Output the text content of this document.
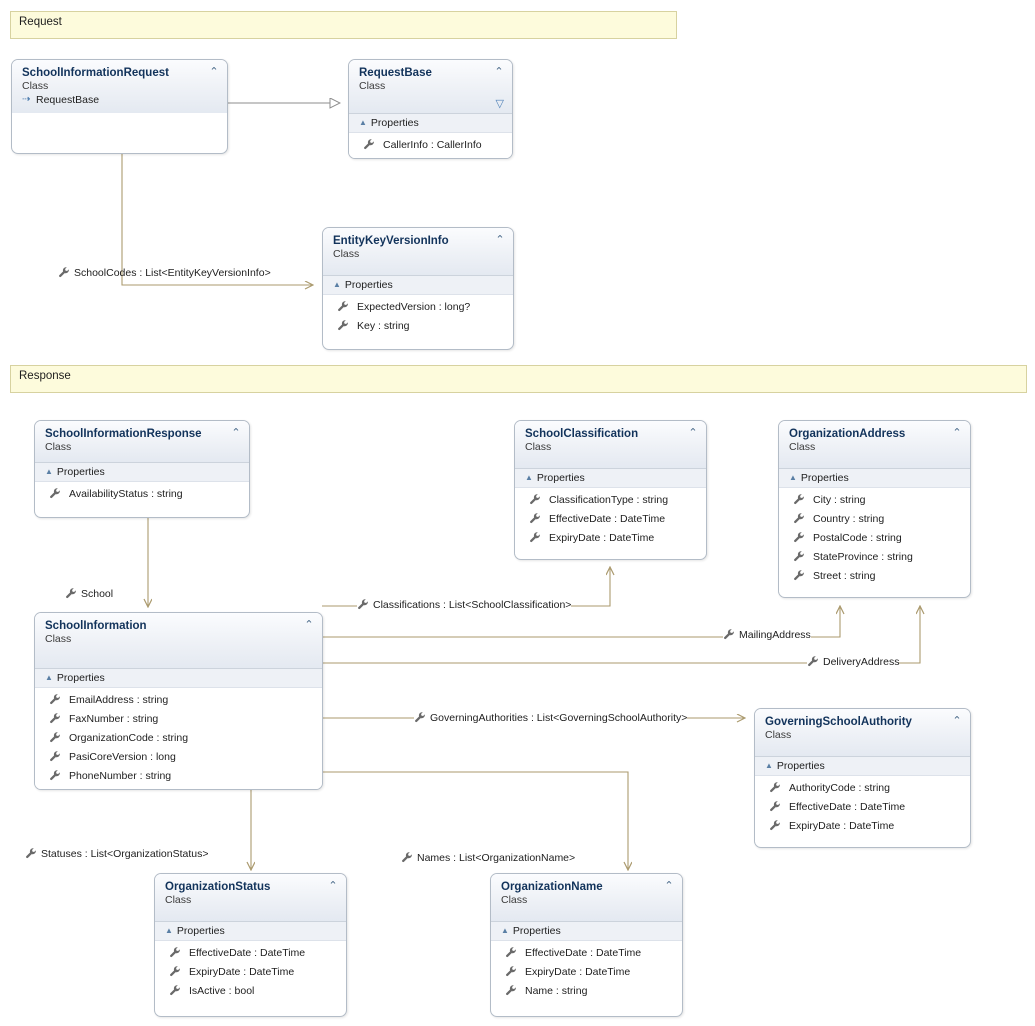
Request
Response
SchoolInformationRequest
Class
⇢ RequestBase
⌃	RequestBase
Class
⌃
▽
▲ Properties
CallerInfo : CallerInfo
EntityKeyVersionInfo
Class
⌃
▲ Properties
ExpectedVersion : long?
Key : string
SchoolInformationResponse
Class
⌃
▲ Properties
AvailabilityStatus : string
SchoolClassification
Class
⌃
▲ Properties
ClassificationType : string
EffectiveDate : DateTime
ExpiryDate : DateTime
OrganizationAddress
Class
⌃
▲ Properties
City : string
Country : string
PostalCode : string
StateProvince : string
Street : string
SchoolInformation
Class
⌃
▲ Properties
EmailAddress : string
FaxNumber : string
OrganizationCode : string
PasiCoreVersion : long
PhoneNumber : string
GoverningSchoolAuthority
Class
⌃
▲ Properties
AuthorityCode : string
EffectiveDate : DateTime
ExpiryDate : DateTime
OrganizationStatus
Class
⌃
▲ Properties
EffectiveDate : DateTime
ExpiryDate : DateTime
IsActive : bool
OrganizationName
Class
⌃
▲ Properties
EffectiveDate : DateTime
ExpiryDate : DateTime
Name : string
SchoolCodes : List<EntityKeyVersionInfo>
School
Classifications : List<SchoolClassification>
MailingAddress
DeliveryAddress
GoverningAuthorities : List<GoverningSchoolAuthority>
Statuses : List<OrganizationStatus>	Names : List<OrganizationName>
